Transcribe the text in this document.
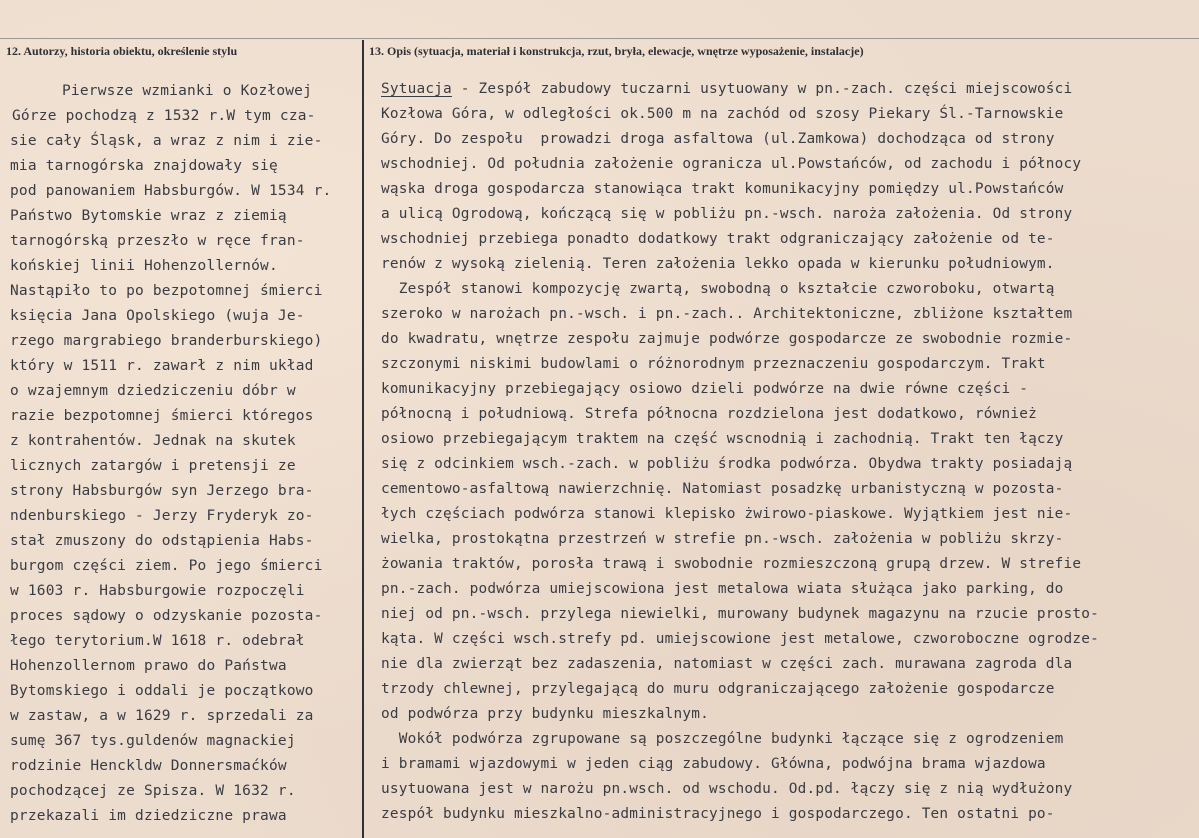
12. Autorzy, historia obiektu, określenie stylu	13. Opis (sytuacja, materiał i konstrukcja, rzut, bryła, elewacje, wnętrze wyposażenie, instalacje)
Pierwsze wzmianki o Kozłowej
Górze pochodzą z 1532 r.W tym cza-
sie cały Śląsk, a wraz z nim i zie-
mia tarnogórska znajdowały się
pod panowaniem Habsburgów. W 1534 r.
Państwo Bytomskie wraz z ziemią
tarnogórską przeszło w ręce fran-
końskiej linii Hohenzollernów.
Nastąpiło to po bezpotomnej śmierci
księcia Jana Opolskiego (wuja Je-
rzego margrabiego branderburskiego)
który w 1511 r. zawarł z nim układ
o wzajemnym dziedziczeniu dóbr w
razie bezpotomnej śmierci któregos
z kontrahentów. Jednak na skutek
licznych zatargów i pretensji ze
strony Habsburgów syn Jerzego bra-
ndenburskiego - Jerzy Fryderyk zo-
stał zmuszony do odstąpienia Habs-
burgom części ziem. Po jego śmierci
w 1603 r. Habsburgowie rozpoczęli
proces sądowy o odzyskanie pozosta-
łego terytorium.W 1618 r. odebrał
Hohenzollernom prawo do Państwa
Bytomskiego i oddali je początkowo
w zastaw, a w 1629 r. sprzedali za
sumę 367 tys.guldenów magnackiej
rodzinie Henckldw Donnersmaćków
pochodzącej ze Spisza. W 1632 r.
przekazali im dziedziczne prawa
Sytuacja - Zespół zabudowy tuczarni usytuowany w pn.-zach. części miejscowości
Kozłowa Góra, w odległości ok.500 m na zachód od szosy Piekary Śl.-Tarnowskie
Góry. Do zespołu  prowadzi droga asfaltowa (ul.Zamkowa) dochodząca od strony
wschodniej. Od południa założenie ogranicza ul.Powstańców, od zachodu i północy
wąska droga gospodarcza stanowiąca trakt komunikacyjny pomiędzy ul.Powstańców
a ulicą Ogrodową, kończącą się w pobliżu pn.-wsch. naroża założenia. Od strony
wschodniej przebiega ponadto dodatkowy trakt odgraniczający założenie od te-
renów z wysoką zielenią. Teren założenia lekko opada w kierunku południowym.
Zespół stanowi kompozycję zwartą, swobodną o kształcie czworoboku, otwartą
szeroko w narożach pn.-wsch. i pn.-zach.. Architektoniczne, zbliżone kształtem
do kwadratu, wnętrze zespołu zajmuje podwórze gospodarcze ze swobodnie rozmie-
szczonymi niskimi budowlami o różnorodnym przeznaczeniu gospodarczym. Trakt
komunikacyjny przebiegający osiowo dzieli podwórze na dwie równe części -
północną i południową. Strefa północna rozdzielona jest dodatkowo, również
osiowo przebiegającym traktem na część wscnodnią i zachodnią. Trakt ten łączy
się z odcinkiem wsch.-zach. w pobliżu środka podwórza. Obydwa trakty posiadają
cementowo-asfaltową nawierzchnię. Natomiast posadzkę urbanistyczną w pozosta-
łych częściach podwórza stanowi klepisko żwirowo-piaskowe. Wyjątkiem jest nie-
wielka, prostokątna przestrzeń w strefie pn.-wsch. założenia w pobliżu skrzy-
żowania traktów, porosła trawą i swobodnie rozmieszczoną grupą drzew. W strefie
pn.-zach. podwórza umiejscowiona jest metalowa wiata służąca jako parking, do
niej od pn.-wsch. przylega niewielki, murowany budynek magazynu na rzucie prosto-
kąta. W części wsch.strefy pd. umiejscowione jest metalowe, czworoboczne ogrodze-
nie dla zwierząt bez zadaszenia, natomiast w części zach. murawana zagroda dla
trzody chlewnej, przylegającą do muru odgraniczającego założenie gospodarcze
od podwórza przy budynku mieszkalnym.
Wokół podwórza zgrupowane są poszczególne budynki łączące się z ogrodzeniem
i bramami wjazdowymi w jeden ciąg zabudowy. Główna, podwójna brama wjazdowa
usytuowana jest w narożu pn.wsch. od wschodu. Od.pd. łączy się z nią wydłużony
zespół budynku mieszkalno-administracyjnego i gospodarczego. Ten ostatni po-
